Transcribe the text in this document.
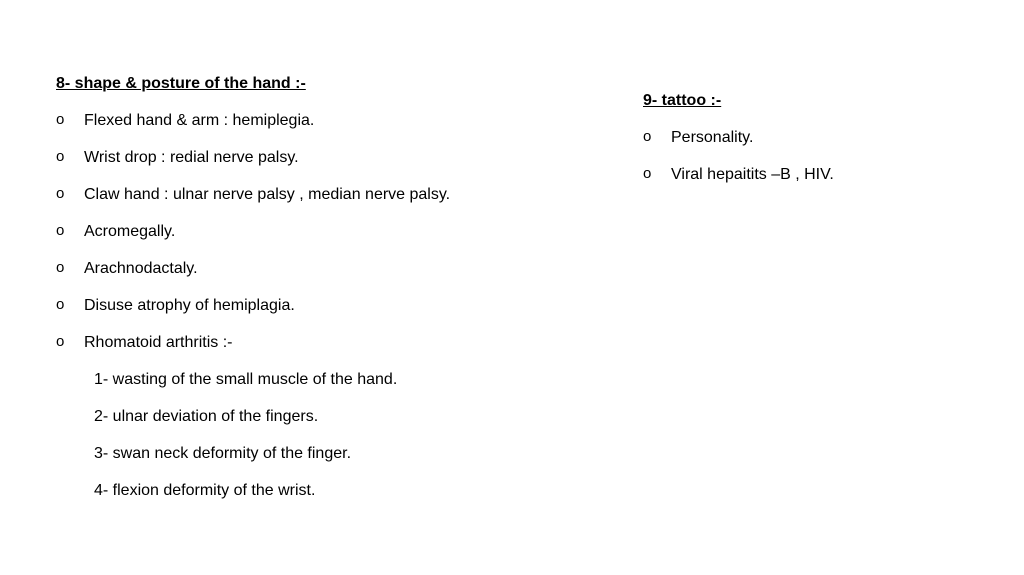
8- shape & posture of the hand :-
o Flexed hand & arm : hemiplegia.
o Wrist drop : redial nerve palsy.
o Claw hand : ulnar nerve palsy , median nerve palsy.
o Acromegally.
o Arachnodactaly.
o Disuse atrophy of hemiplagia.
o Rhomatoid arthritis :-
1- wasting of the small muscle of the hand.
2- ulnar deviation of the fingers.
3- swan neck deformity of the finger.
4- flexion deformity of the wrist.
9- tattoo :-
o Personality.
o Viral hepaitits –B , HIV.
